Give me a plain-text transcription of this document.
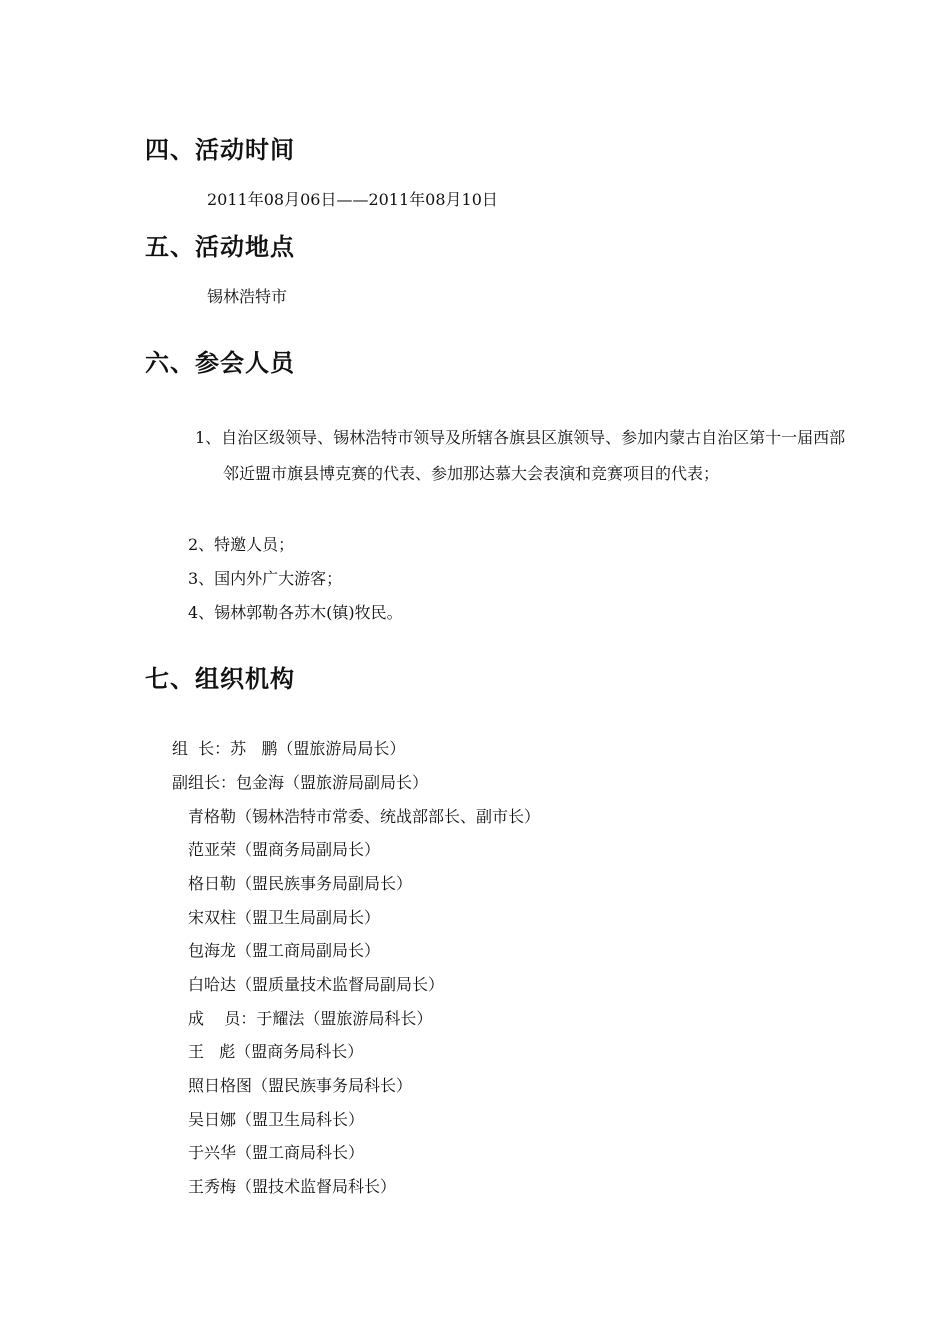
四、活动时间

2011年08月06日——2011年08月10日

五、活动地点

锡林浩特市

六、参会人员

1、自治区级领导、锡林浩特市领导及所辖各旗县区旗领导、参加内蒙古自治区第十一届西部邻近盟市旗县博克赛的代表、参加那达慕大会表演和竞赛项目的代表；

2、特邀人员；

3、国内外广大游客；

4、锡林郭勒各苏木(镇)牧民。

七、组织机构

组  长：苏   鹏（盟旅游局局长）

副组长：包金海（盟旅游局副局长）

青格勒（锡林浩特市常委、统战部部长、副市长）

范亚荣（盟商务局副局长）

格日勒（盟民族事务局副局长）

宋双柱（盟卫生局副局长）

包海龙（盟工商局副局长）

白哈达（盟质量技术监督局副局长）

成    员：于耀法（盟旅游局科长）

王   彪（盟商务局科长）

照日格图（盟民族事务局科长）

吴日娜（盟卫生局科长）

于兴华（盟工商局科长）

王秀梅（盟技术监督局科长）
